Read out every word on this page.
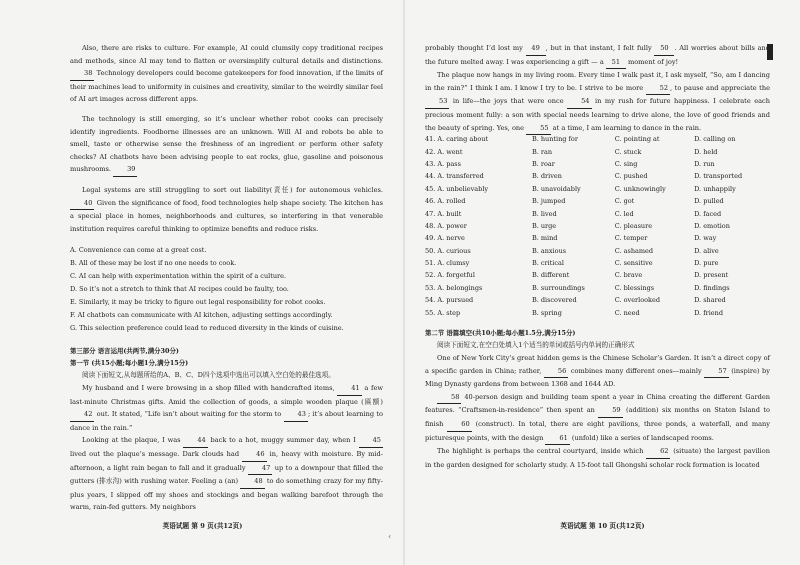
‹

Also, there are risks to culture. For example, AI could clumsily copy traditional recipes and methods, since AI may tend to flatten or oversimplify cultural details and distinctions. 38 Technology developers could become gatekeepers for food innovation, if the limits of their machines lead to uniformity in cuisines and creativity, similar to the weirdly similar feel of AI art images across different apps.

The technology is still emerging, so it’s unclear whether robot cooks can precisely identify ingredients. Foodborne illnesses are an unknown. Will AI and robots be able to smell, taste or otherwise sense the freshness of an ingredient or perform other safety checks? AI chatbots have been advising people to eat rocks, glue, gasoline and poisonous mushrooms. 39

Legal systems are still struggling to sort out liability(责任) for autonomous vehicles. 40 Given the significance of food, food technologies help shape society. The kitchen has a special place in homes, neighborhoods and cultures, so interfering in that venerable institution requires careful thinking to optimize benefits and reduce risks.

A. Convenience can come at a great cost.
B. All of these may be lost if no one needs to cook.
C. AI can help with experimentation within the spirit of a culture.
D. So it’s not a stretch to think that AI recipes could be faulty, too.
E. Similarly, it may be tricky to figure out legal responsibility for robot cooks.
F. AI chatbots can communicate with AI kitchen, adjusting settings accordingly.
G. This selection preference could lead to reduced diversity in the kinds of cuisine.
第三部分 语言运用(共两节,满分30分)
第一节 (共15小题;每小题1分,满分15分)

阅读下面短文,从每题所给的A、B、C、D四个选项中选出可以填入空白处的最佳选项。

My husband and I were browsing in a shop filled with handcrafted items, 41 a few last-minute Christmas gifts. Amid the collection of goods, a simple wooden plaque (匾额) 42 out. It stated, “Life isn’t about waiting for the storm to 43 ; it’s about learning to dance in the rain.”

Looking at the plaque, I was 44 back to a hot, muggy summer day, when I 45 lived out the plaque’s message. Dark clouds had 46 in, heavy with moisture. By mid-afternoon, a light rain began to fall and it gradually 47 up to a downpour that filled the gutters (排水沟) with rushing water. Feeling a (an) 48 to do something crazy for my fifty-plus years, I slipped off my shoes and stockings and began walking barefoot through the warm, rain-fed gutters. My neighbors

英语试题 第 9 页(共12页)

probably thought I’d lost my 49 , but in that instant, I felt fully 50 . All worries about bills and the future melted away. I was experiencing a gift — a 51 moment of joy!

The plaque now hangs in my living room. Every time I walk past it, I ask myself, “So, am I dancing in the rain?” I think I am. I know I try to be. I strive to be more 52 , to pause and appreciate the 53 in life—the joys that were once 54 in my rush for future happiness. I celebrate each precious moment fully: a son with special needs learning to drive alone, the love of good friends and the beauty of spring. Yes, one 55 at a time, I am learning to dance in the rain.

41. A. caring about	B. hunting for	C. pointing at	D. calling on
42. A. went	B. ran	C. stuck	D. held
43. A. pass	B. roar	C. sing	D. run
44. A. transferred	B. driven	C. pushed	D. transported
45. A. unbelievably	B. unavoidably	C. unknowingly	D. unhappily
46. A. rolled	B. jumped	C. got	D. pulled
47. A. built	B. lived	C. led	D. faced
48. A. power	B. urge	C. pleasure	D. emotion
49. A. nerve	B. mind	C. temper	D. way
50. A. curious	B. anxious	C. ashamed	D. alive
51. A. clumsy	B. critical	C. sensitive	D. pure
52. A. forgetful	B. different	C. brave	D. present
53. A. belongings	B. surroundings	C. blessings	D. findings
54. A. pursued	B. discovered	C. overlooked	D. shared
55. A. step	B. spring	C. need	D. friend
第二节 语篇填空(共10小题;每小题1.5分,满分15分)

阅读下面短文,在空白处填入1个适当的单词或括号内单词的正确形式

One of New York City’s great hidden gems is the Chinese Scholar’s Garden. It isn’t a direct copy of a specific garden in China; rather, 56 combines many different ones—mainly 57 (inspire) by Ming Dynasty gardens from between 1368 and 1644 AD.

58 40-person design and building team spent a year in China creating the different Garden features. “Craftsmen-in-residence” then spent an 59 (addition) six months on Staten Island to finish 60 (construct). In total, there are eight pavilions, three ponds, a waterfall, and many picturesque points, with the design 61 (unfold) like a series of landscaped rooms.

The highlight is perhaps the central courtyard, inside which 62 (situate) the largest pavilion in the garden designed for scholarly study. A 15-foot tall Ghongshi scholar rock formation is located

英语试题 第 10 页(共12页)
